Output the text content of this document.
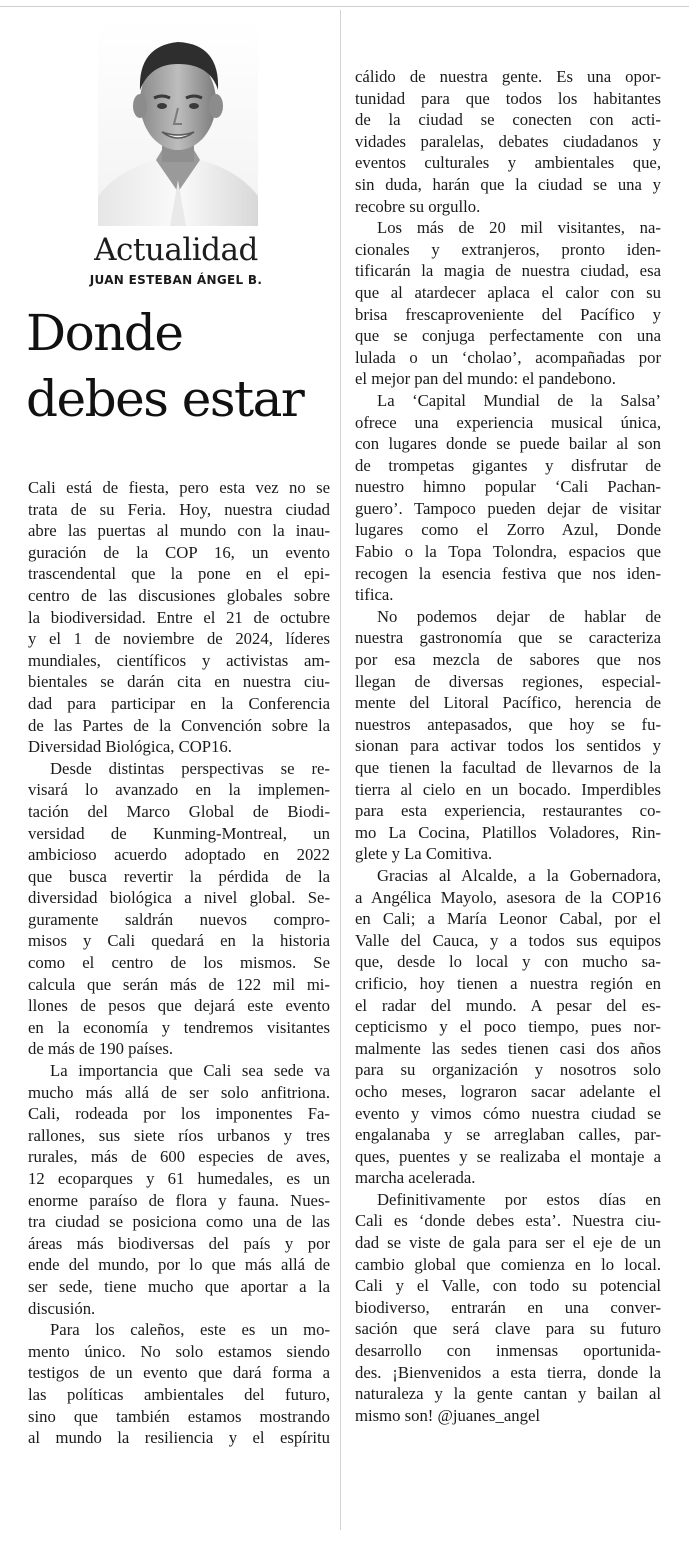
Actualidad
JUAN ESTEBAN ÁNGEL B.
Donde
debes estar
Cali está de fiesta, pero esta vez no se
trata de su Feria. Hoy, nuestra ciudad
abre las puertas al mundo con la inau-
guración de la COP 16, un evento
trascendental que la pone en el epi-
centro de las discusiones globales sobre
la biodiversidad. Entre el 21 de octubre
y el 1 de noviembre de 2024, líderes
mundiales, científicos y activistas am-
bientales se darán cita en nuestra ciu-
dad para participar en la Conferencia
de las Partes de la Convención sobre la
Diversidad Biológica, COP16.
Desde distintas perspectivas se re-
visará lo avanzado en la implemen-
tación del Marco Global de Biodi-
versidad de Kunming-Montreal, un
ambicioso acuerdo adoptado en 2022
que busca revertir la pérdida de la
diversidad biológica a nivel global. Se-
guramente saldrán nuevos compro-
misos y Cali quedará en la historia
como el centro de los mismos. Se
calcula que serán más de 122 mil mi-
llones de pesos que dejará este evento
en la economía y tendremos visitantes
de más de 190 países.
La importancia que Cali sea sede va
mucho más allá de ser solo anfitriona.
Cali, rodeada por los imponentes Fa-
rallones, sus siete ríos urbanos y tres
rurales, más de 600 especies de aves,
12 ecoparques y 61 humedales, es un
enorme paraíso de flora y fauna. Nues-
tra ciudad se posiciona como una de las
áreas más biodiversas del país y por
ende del mundo, por lo que más allá de
ser sede, tiene mucho que aportar a la
discusión.
Para los caleños, este es un mo-
mento único. No solo estamos siendo
testigos de un evento que dará forma a
las políticas ambientales del futuro,
sino que también estamos mostrando
al mundo la resiliencia y el espíritu
cálido de nuestra gente. Es una opor-
tunidad para que todos los habitantes
de la ciudad se conecten con acti-
vidades paralelas, debates ciudadanos y
eventos culturales y ambientales que,
sin duda, harán que la ciudad se una y
recobre su orgullo.
Los más de 20 mil visitantes, na-
cionales y extranjeros, pronto iden-
tificarán la magia de nuestra ciudad, esa
que al atardecer aplaca el calor con su
brisa frescaproveniente del Pacífico y
que se conjuga perfectamente con una
lulada o un ‘cholao’, acompañadas por
el mejor pan del mundo: el pandebono.
La ‘Capital Mundial de la Salsa’
ofrece una experiencia musical única,
con lugares donde se puede bailar al son
de trompetas gigantes y disfrutar de
nuestro himno popular ‘Cali Pachan-
guero’. Tampoco pueden dejar de visitar
lugares como el Zorro Azul, Donde
Fabio o la Topa Tolondra, espacios que
recogen la esencia festiva que nos iden-
tifica.
No podemos dejar de hablar de
nuestra gastronomía que se caracteriza
por esa mezcla de sabores que nos
llegan de diversas regiones, especial-
mente del Litoral Pacífico, herencia de
nuestros antepasados, que hoy se fu-
sionan para activar todos los sentidos y
que tienen la facultad de llevarnos de la
tierra al cielo en un bocado. Imperdibles
para esta experiencia, restaurantes co-
mo La Cocina, Platillos Voladores, Rin-
glete y La Comitiva.
Gracias al Alcalde, a la Gobernadora,
a Angélica Mayolo, asesora de la COP16
en Cali; a María Leonor Cabal, por el
Valle del Cauca, y a todos sus equipos
que, desde lo local y con mucho sa-
crificio, hoy tienen a nuestra región en
el radar del mundo. A pesar del es-
cepticismo y el poco tiempo, pues nor-
malmente las sedes tienen casi dos años
para su organización y nosotros solo
ocho meses, lograron sacar adelante el
evento y vimos cómo nuestra ciudad se
engalanaba y se arreglaban calles, par-
ques, puentes y se realizaba el montaje a
marcha acelerada.
Definitivamente por estos días en
Cali es ‘donde debes esta’. Nuestra ciu-
dad se viste de gala para ser el eje de un
cambio global que comienza en lo local.
Cali y el Valle, con todo su potencial
biodiverso, entrarán en una conver-
sación que será clave para su futuro
desarrollo con inmensas oportunida-
des. ¡Bienvenidos a esta tierra, donde la
naturaleza y la gente cantan y bailan al
mismo son! @juanes_angel
